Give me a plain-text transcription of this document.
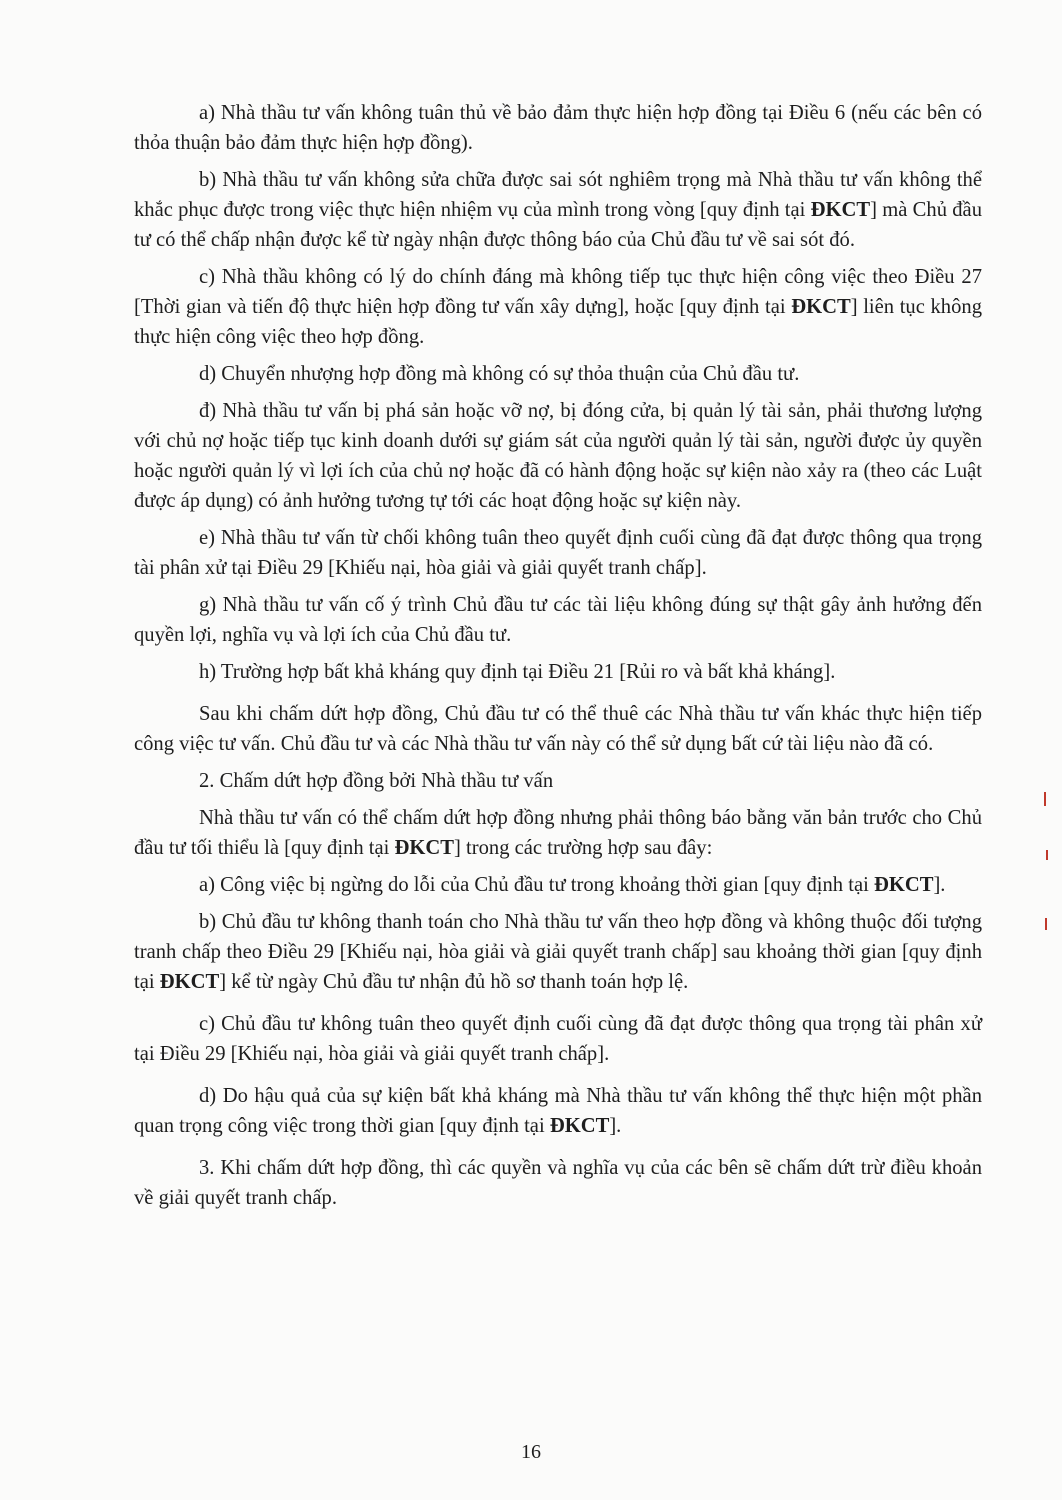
a) Nhà thầu tư vấn không tuân thủ về bảo đảm thực hiện hợp đồng tại Điều 6 (nếu các bên có thỏa thuận bảo đảm thực hiện hợp đồng).

b) Nhà thầu tư vấn không sửa chữa được sai sót nghiêm trọng mà Nhà thầu tư vấn không thể khắc phục được trong việc thực hiện nhiệm vụ của mình trong vòng [quy định tại ĐKCT] mà Chủ đầu tư có thể chấp nhận được kể từ ngày nhận được thông báo của Chủ đầu tư về sai sót đó.

c) Nhà thầu không có lý do chính đáng mà không tiếp tục thực hiện công việc theo Điều 27 [Thời gian và tiến độ thực hiện hợp đồng tư vấn xây dựng], hoặc [quy định tại ĐKCT] liên tục không thực hiện công việc theo hợp đồng.

d) Chuyển nhượng hợp đồng mà không có sự thỏa thuận của Chủ đầu tư.

đ) Nhà thầu tư vấn bị phá sản hoặc vỡ nợ, bị đóng cửa, bị quản lý tài sản, phải thương lượng với chủ nợ hoặc tiếp tục kinh doanh dưới sự giám sát của người quản lý tài sản, người được ủy quyền hoặc người quản lý vì lợi ích của chủ nợ hoặc đã có hành động hoặc sự kiện nào xảy ra (theo các Luật được áp dụng) có ảnh hưởng tương tự tới các hoạt động hoặc sự kiện này.

e) Nhà thầu tư vấn từ chối không tuân theo quyết định cuối cùng đã đạt được thông qua trọng tài phân xử tại Điều 29 [Khiếu nại, hòa giải và giải quyết tranh chấp].

g) Nhà thầu tư vấn cố ý trình Chủ đầu tư các tài liệu không đúng sự thật gây ảnh hưởng đến quyền lợi, nghĩa vụ và lợi ích của Chủ đầu tư.

h) Trường hợp bất khả kháng quy định tại Điều 21 [Rủi ro và bất khả kháng].

Sau khi chấm dứt hợp đồng, Chủ đầu tư có thể thuê các Nhà thầu tư vấn khác thực hiện tiếp công việc tư vấn. Chủ đầu tư và các Nhà thầu tư vấn này có thể sử dụng bất cứ tài liệu nào đã có.

2. Chấm dứt hợp đồng bởi Nhà thầu tư vấn

Nhà thầu tư vấn có thể chấm dứt hợp đồng nhưng phải thông báo bằng văn bản trước cho Chủ đầu tư tối thiểu là [quy định tại ĐKCT] trong các trường hợp sau đây:

a) Công việc bị ngừng do lỗi của Chủ đầu tư trong khoảng thời gian [quy định tại ĐKCT].

b) Chủ đầu tư không thanh toán cho Nhà thầu tư vấn theo hợp đồng và không thuộc đối tượng tranh chấp theo Điều 29 [Khiếu nại, hòa giải và giải quyết tranh chấp] sau khoảng thời gian [quy định tại ĐKCT] kể từ ngày Chủ đầu tư nhận đủ hồ sơ thanh toán hợp lệ.

c) Chủ đầu tư không tuân theo quyết định cuối cùng đã đạt được thông qua trọng tài phân xử tại Điều 29 [Khiếu nại, hòa giải và giải quyết tranh chấp].

d) Do hậu quả của sự kiện bất khả kháng mà Nhà thầu tư vấn không thể thực hiện một phần quan trọng công việc trong thời gian [quy định tại ĐKCT].

3. Khi chấm dứt hợp đồng, thì các quyền và nghĩa vụ của các bên sẽ chấm dứt trừ điều khoản về giải quyết tranh chấp.

16
